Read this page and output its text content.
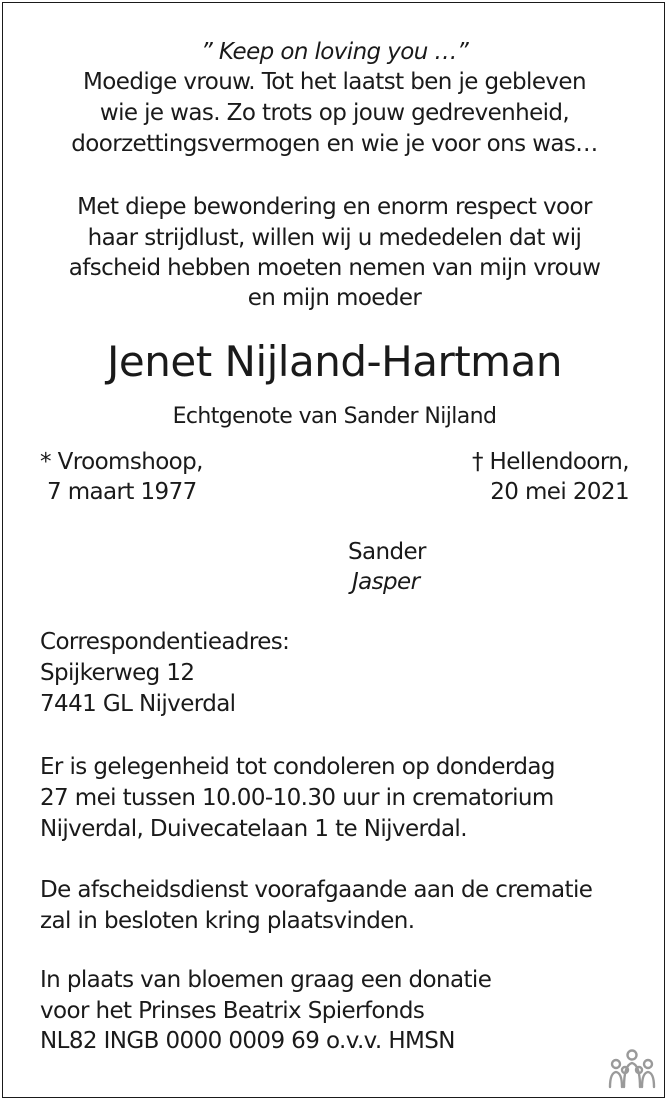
” Keep on loving you …”
Moedige vrouw. Tot het laatst ben je gebleven
wie je was. Zo trots op jouw gedrevenheid,
doorzettingsvermogen en wie je voor ons was…
Met diepe bewondering en enorm respect voor
haar strijdlust, willen wij u mededelen dat wij
afscheid hebben moeten nemen van mijn vrouw
en mijn moeder
Jenet Nijland-Hartman
Echtgenote van Sander Nijland
* Vroomshoop,
7 maart 1977
† Hellendoorn,
20 mei 2021
Sander
Jasper
Correspondentieadres:
Spijkerweg 12
7441 GL Nijverdal
Er is gelegenheid tot condoleren op donderdag
27 mei tussen 10.00-10.30 uur in crematorium
Nijverdal, Duivecatelaan 1 te Nijverdal.
De afscheidsdienst voorafgaande aan de crematie
zal in besloten kring plaatsvinden.
In plaats van bloemen graag een donatie
voor het Prinses Beatrix Spierfonds
NL82 INGB 0000 0009 69 o.v.v. HMSN
